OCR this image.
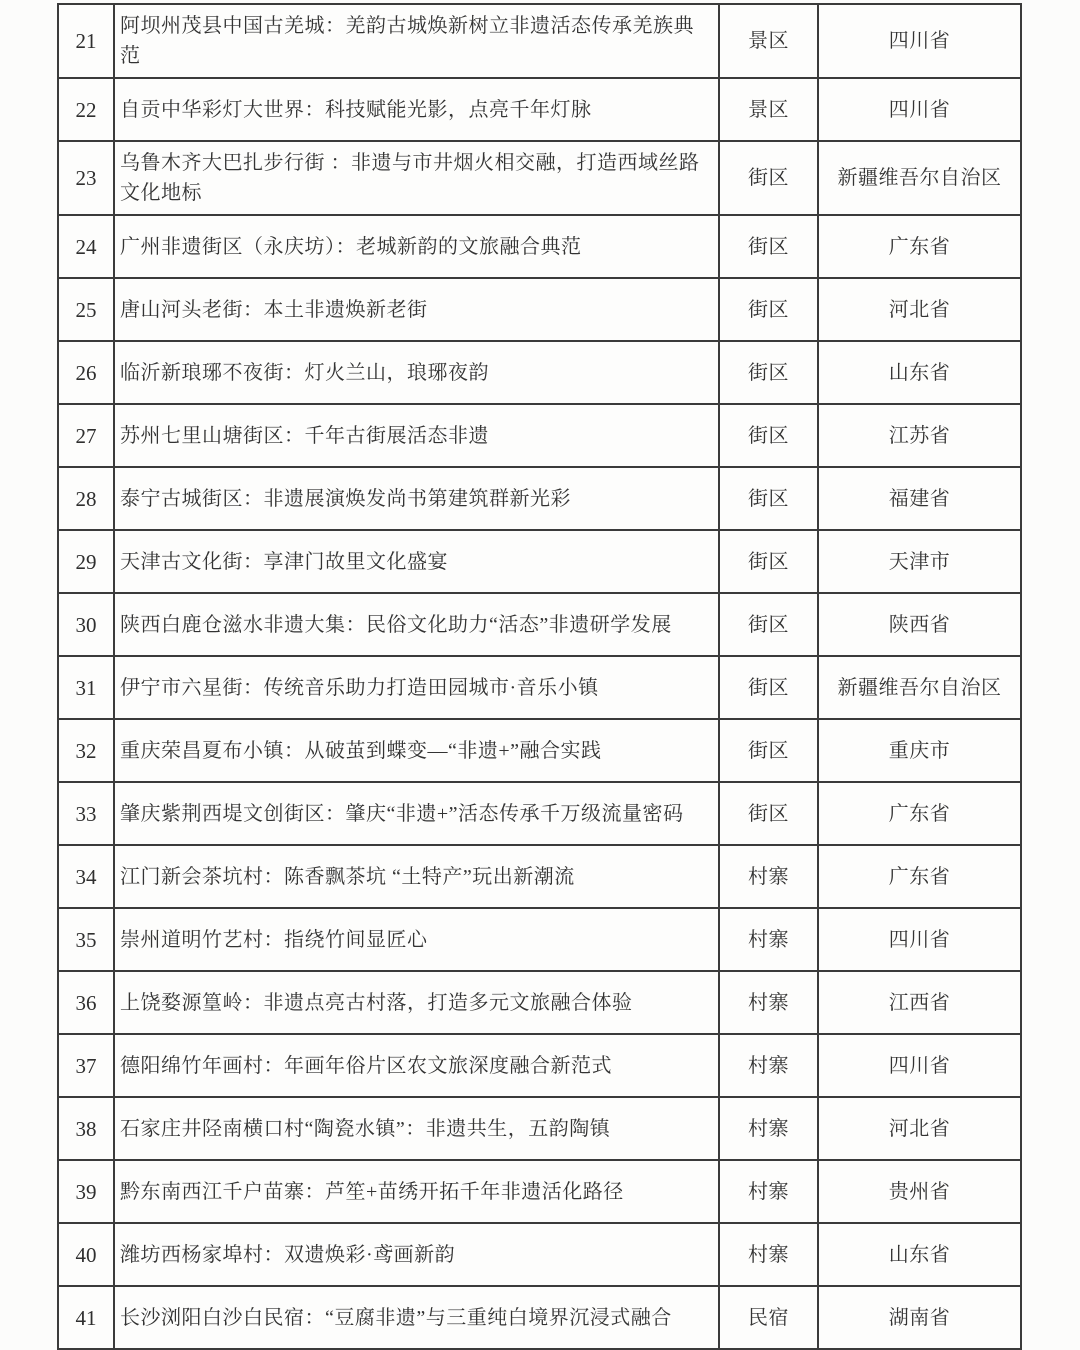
21	阿坝州茂县中国古羌城：羌韵古城焕新树立非遗活态传承羌族典范	景区	四川省
22	自贡中华彩灯大世界：科技赋能光影，点亮千年灯脉	景区	四川省
23	乌鲁木齐大巴扎步行街 ：非遗与市井烟火相交融，打造西域丝路文化地标	街区	新疆维吾尔自治区
24	广州非遗街区（永庆坊）：老城新韵的文旅融合典范	街区	广东省
25	唐山河头老街：本土非遗焕新老街	街区	河北省
26	临沂新琅琊不夜街：灯火兰山，琅琊夜韵	街区	山东省
27	苏州七里山塘街区：千年古街展活态非遗	街区	江苏省
28	泰宁古城街区：非遗展演焕发尚书第建筑群新光彩	街区	福建省
29	天津古文化街：享津门故里文化盛宴	街区	天津市
30	陕西白鹿仓滋水非遗大集：民俗文化助力“活态”非遗研学发展	街区	陕西省
31	伊宁市六星街：传统音乐助力打造田园城市·音乐小镇	街区	新疆维吾尔自治区
32	重庆荣昌夏布小镇：从破茧到蝶变—“非遗+”融合实践	街区	重庆市
33	肇庆紫荆西堤文创街区：肇庆“非遗+”活态传承千万级流量密码	街区	广东省
34	江门新会茶坑村：陈香飘茶坑 “土特产”玩出新潮流	村寨	广东省
35	崇州道明竹艺村：指绕竹间显匠心	村寨	四川省
36	上饶婺源篁岭：非遗点亮古村落，打造多元文旅融合体验	村寨	江西省
37	德阳绵竹年画村：年画年俗片区农文旅深度融合新范式	村寨	四川省
38	石家庄井陉南横口村“陶瓷水镇”：非遗共生，五韵陶镇	村寨	河北省
39	黔东南西江千户苗寨：芦笙+苗绣开拓千年非遗活化路径	村寨	贵州省
40	潍坊西杨家埠村：双遗焕彩·鸢画新韵	村寨	山东省
41	长沙浏阳白沙白民宿：“豆腐非遗”与三重纯白境界沉浸式融合	民宿	湖南省
